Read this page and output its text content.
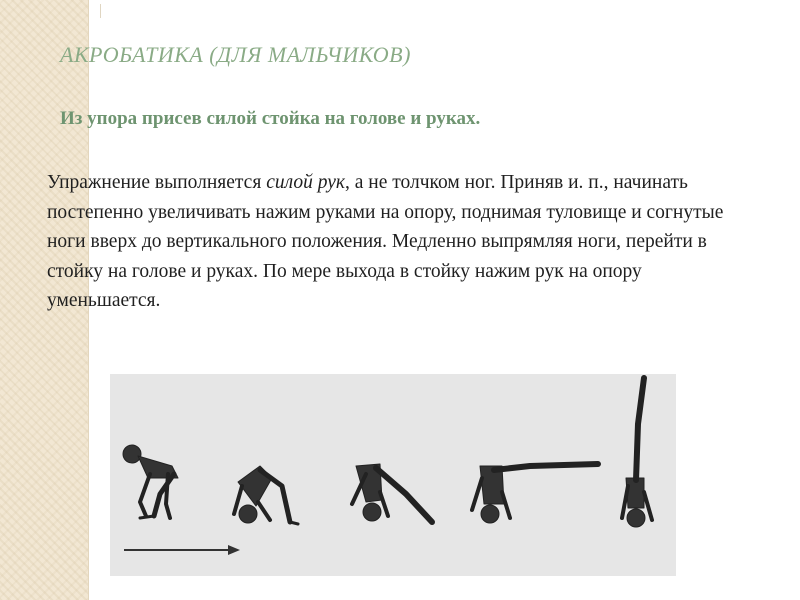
АКРОБАТИКА (ДЛЯ МАЛЬЧИКОВ)
Из упора присев силой стойка на голове и руках.
Упражнение выполняется силой рук, а не толчком ног. Приняв и. п., начинать постепенно увеличивать нажим руками на опору, поднимая туловище и согнутые ноги вверх до вертикального положения. Медленно выпрямляя ноги, перейти в стойку на голове и руках. По мере выхода в стойку нажим рук на опору уменьшается.
